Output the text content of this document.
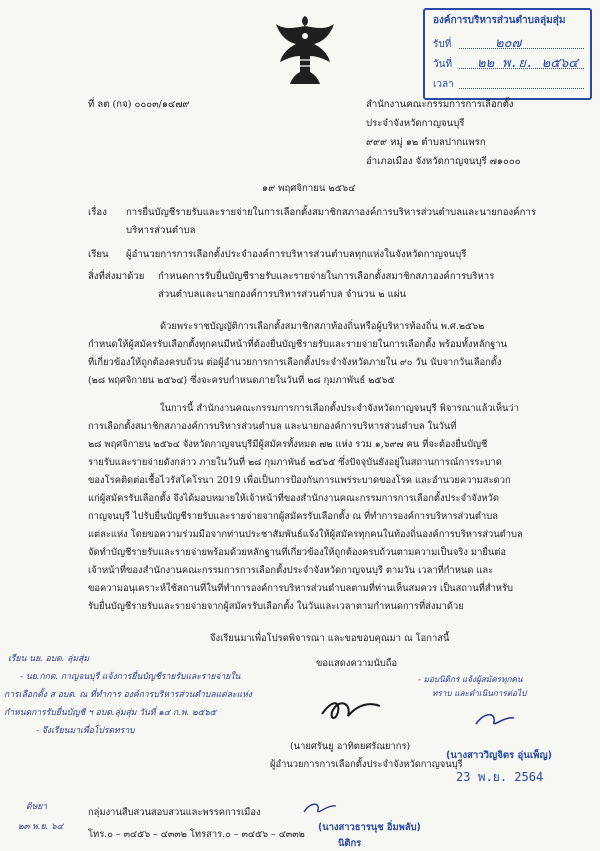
องค์การบริหารส่วนตำบลลุ่มสุ่ม
รับที่	๒๐๗
วันที่ ๒๒ พ.ย. ๒๕๖๔
เวลา
ที่ ลต (กจ) ๐๐๐๓/๑๔๗๙	สำนักงานคณะกรรมการการเลือกตั้ง
ประจำจังหวัดกาญจนบุรี
๙๙๙ หมู่ ๑๒ ตำบลปากแพรก
อำเภอเมือง จังหวัดกาญจนบุรี ๗๑๐๐๐
๑๙ พฤศจิกายน ๒๕๖๔
เรื่อง การยื่นบัญชีรายรับและรายจ่ายในการเลือกตั้งสมาชิกสภาองค์การบริหารส่วนตำบลและนายกองค์การ
บริหารส่วนตำบล
เรียน ผู้อำนวยการการเลือกตั้งประจำองค์การบริหารส่วนตำบลทุกแห่งในจังหวัดกาญจนบุรี
สิ่งที่ส่งมาด้วย กำหนดการรับยื่นบัญชีรายรับและรายจ่ายในการเลือกตั้งสมาชิกสภาองค์การบริหาร
ส่วนตำบลและนายกองค์การบริหารส่วนตำบล จำนวน ๒ แผ่น
ด้วยพระราชบัญญัติการเลือกตั้งสมาชิกสภาท้องถิ่นหรือผู้บริหารท้องถิ่น พ.ศ.๒๕๖๒
กำหนดให้ผู้สมัครรับเลือกตั้งทุกคนมีหน้าที่ต้องยื่นบัญชีรายรับและรายจ่ายในการเลือกตั้ง พร้อมทั้งหลักฐาน
ที่เกี่ยวข้องให้ถูกต้องครบถ้วน ต่อผู้อำนวยการการเลือกตั้งประจำจังหวัดภายใน ๙๐ วัน นับจากวันเลือกตั้ง
(๒๘ พฤศจิกายน ๒๕๖๔) ซึ่งจะครบกำหนดภายในวันที่ ๒๘ กุมภาพันธ์ ๒๕๖๕
ในการนี้ สำนักงานคณะกรรมการการเลือกตั้งประจำจังหวัดกาญจนบุรี พิจารณาแล้วเห็นว่า
การเลือกตั้งสมาชิกสภาองค์การบริหารส่วนตำบล และนายกองค์การบริหารส่วนตำบล ในวันที่
๒๘ พฤศจิกายน ๒๕๖๔ จังหวัดกาญจนบุรีมีผู้สมัครทั้งหมด ๗๒ แห่ง รวม ๑,๖๙๗ คน ที่จะต้องยื่นบัญชี
รายรับและรายจ่ายดังกล่าว ภายในวันที่ ๒๘ กุมภาพันธ์ ๒๕๖๕ ซึ่งปัจจุบันยังอยู่ในสถานการณ์การระบาด
ของโรคติดต่อเชื้อไวรัสโคโรนา 2019 เพื่อเป็นการป้องกันการแพร่ระบาดของโรค และอำนวยความสะดวก
แก่ผู้สมัครรับเลือกตั้ง จึงได้มอบหมายให้เจ้าหน้าที่ของสำนักงานคณะกรรมการการเลือกตั้งประจำจังหวัด
กาญจนบุรี ไปรับยื่นบัญชีรายรับและรายจ่ายจากผู้สมัครรับเลือกตั้ง ณ ที่ทำการองค์การบริหารส่วนตำบล
แต่ละแห่ง โดยขอความร่วมมือจากท่านประชาสัมพันธ์แจ้งให้ผู้สมัครทุกคนในท้องถิ่นองค์การบริหารส่วนตำบล
จัดทำบัญชีรายรับและรายจ่ายพร้อมด้วยหลักฐานที่เกี่ยวข้องให้ถูกต้องครบถ้วนตามความเป็นจริง มายื่นต่อ
เจ้าหน้าที่ของสำนักงานคณะกรรมการการเลือกตั้งประจำจังหวัดกาญจนบุรี ตามวัน เวลาที่กำหนด และ
ขอความอนุเคราะห์ใช้สถานที่ในที่ทำการองค์การบริหารส่วนตำบลตามที่ท่านเห็นสมควร เป็นสถานที่สำหรับ
รับยื่นบัญชีรายรับและรายจ่ายจากผู้สมัครรับเลือกตั้ง ในวันและเวลาตามกำหนดการที่ส่งมาด้วย
จึงเรียนมาเพื่อโปรดพิจารณา และขอขอบคุณมา ณ โอกาสนี้
เรียน นย. อบต. ลุ่มสุ่ม
- นย.กกต. กาญจนบุรี แจ้งการยื่นบัญชีรายรับและรายจ่ายใน
การเลือกตั้ง ส อบต. ณ ที่ทำการ องค์การบริหารส่วนตำบลแต่ละแห่ง
กำหนดการรับยื่นบัญชี ฯ อบต.ลุ่มสุ่ม วันที่ ๑๔ ก.พ. ๒๕๖๕
- จึงเรียนมาเพื่อโปรดทราบ
ขอแสดงความนับถือ
- มอบนิติกร แจ้งผู้สมัครทุกคน
ทราบ และดำเนินการต่อไป
(นายศรันยู อาทิตยศรัณยากร)
ผู้อำนวยการการเลือกตั้งประจำจังหวัดกาญจนบุรี
(นางสาววิญจิตร อุ่นเพ็ญ)
23 พ.ย. 2564
ดิษยา
๒๓ พ.ย. ๖๔
กลุ่มงานสืบสวนสอบสวนและพรรคการเมือง
โทร.๐ – ๓๔๕๖ – ๔๓๓๒ โทรสาร.๐ – ๓๔๕๖ – ๔๓๓๒
(นางสาวธารนุช อิ่มพลับ)
นิติกร
